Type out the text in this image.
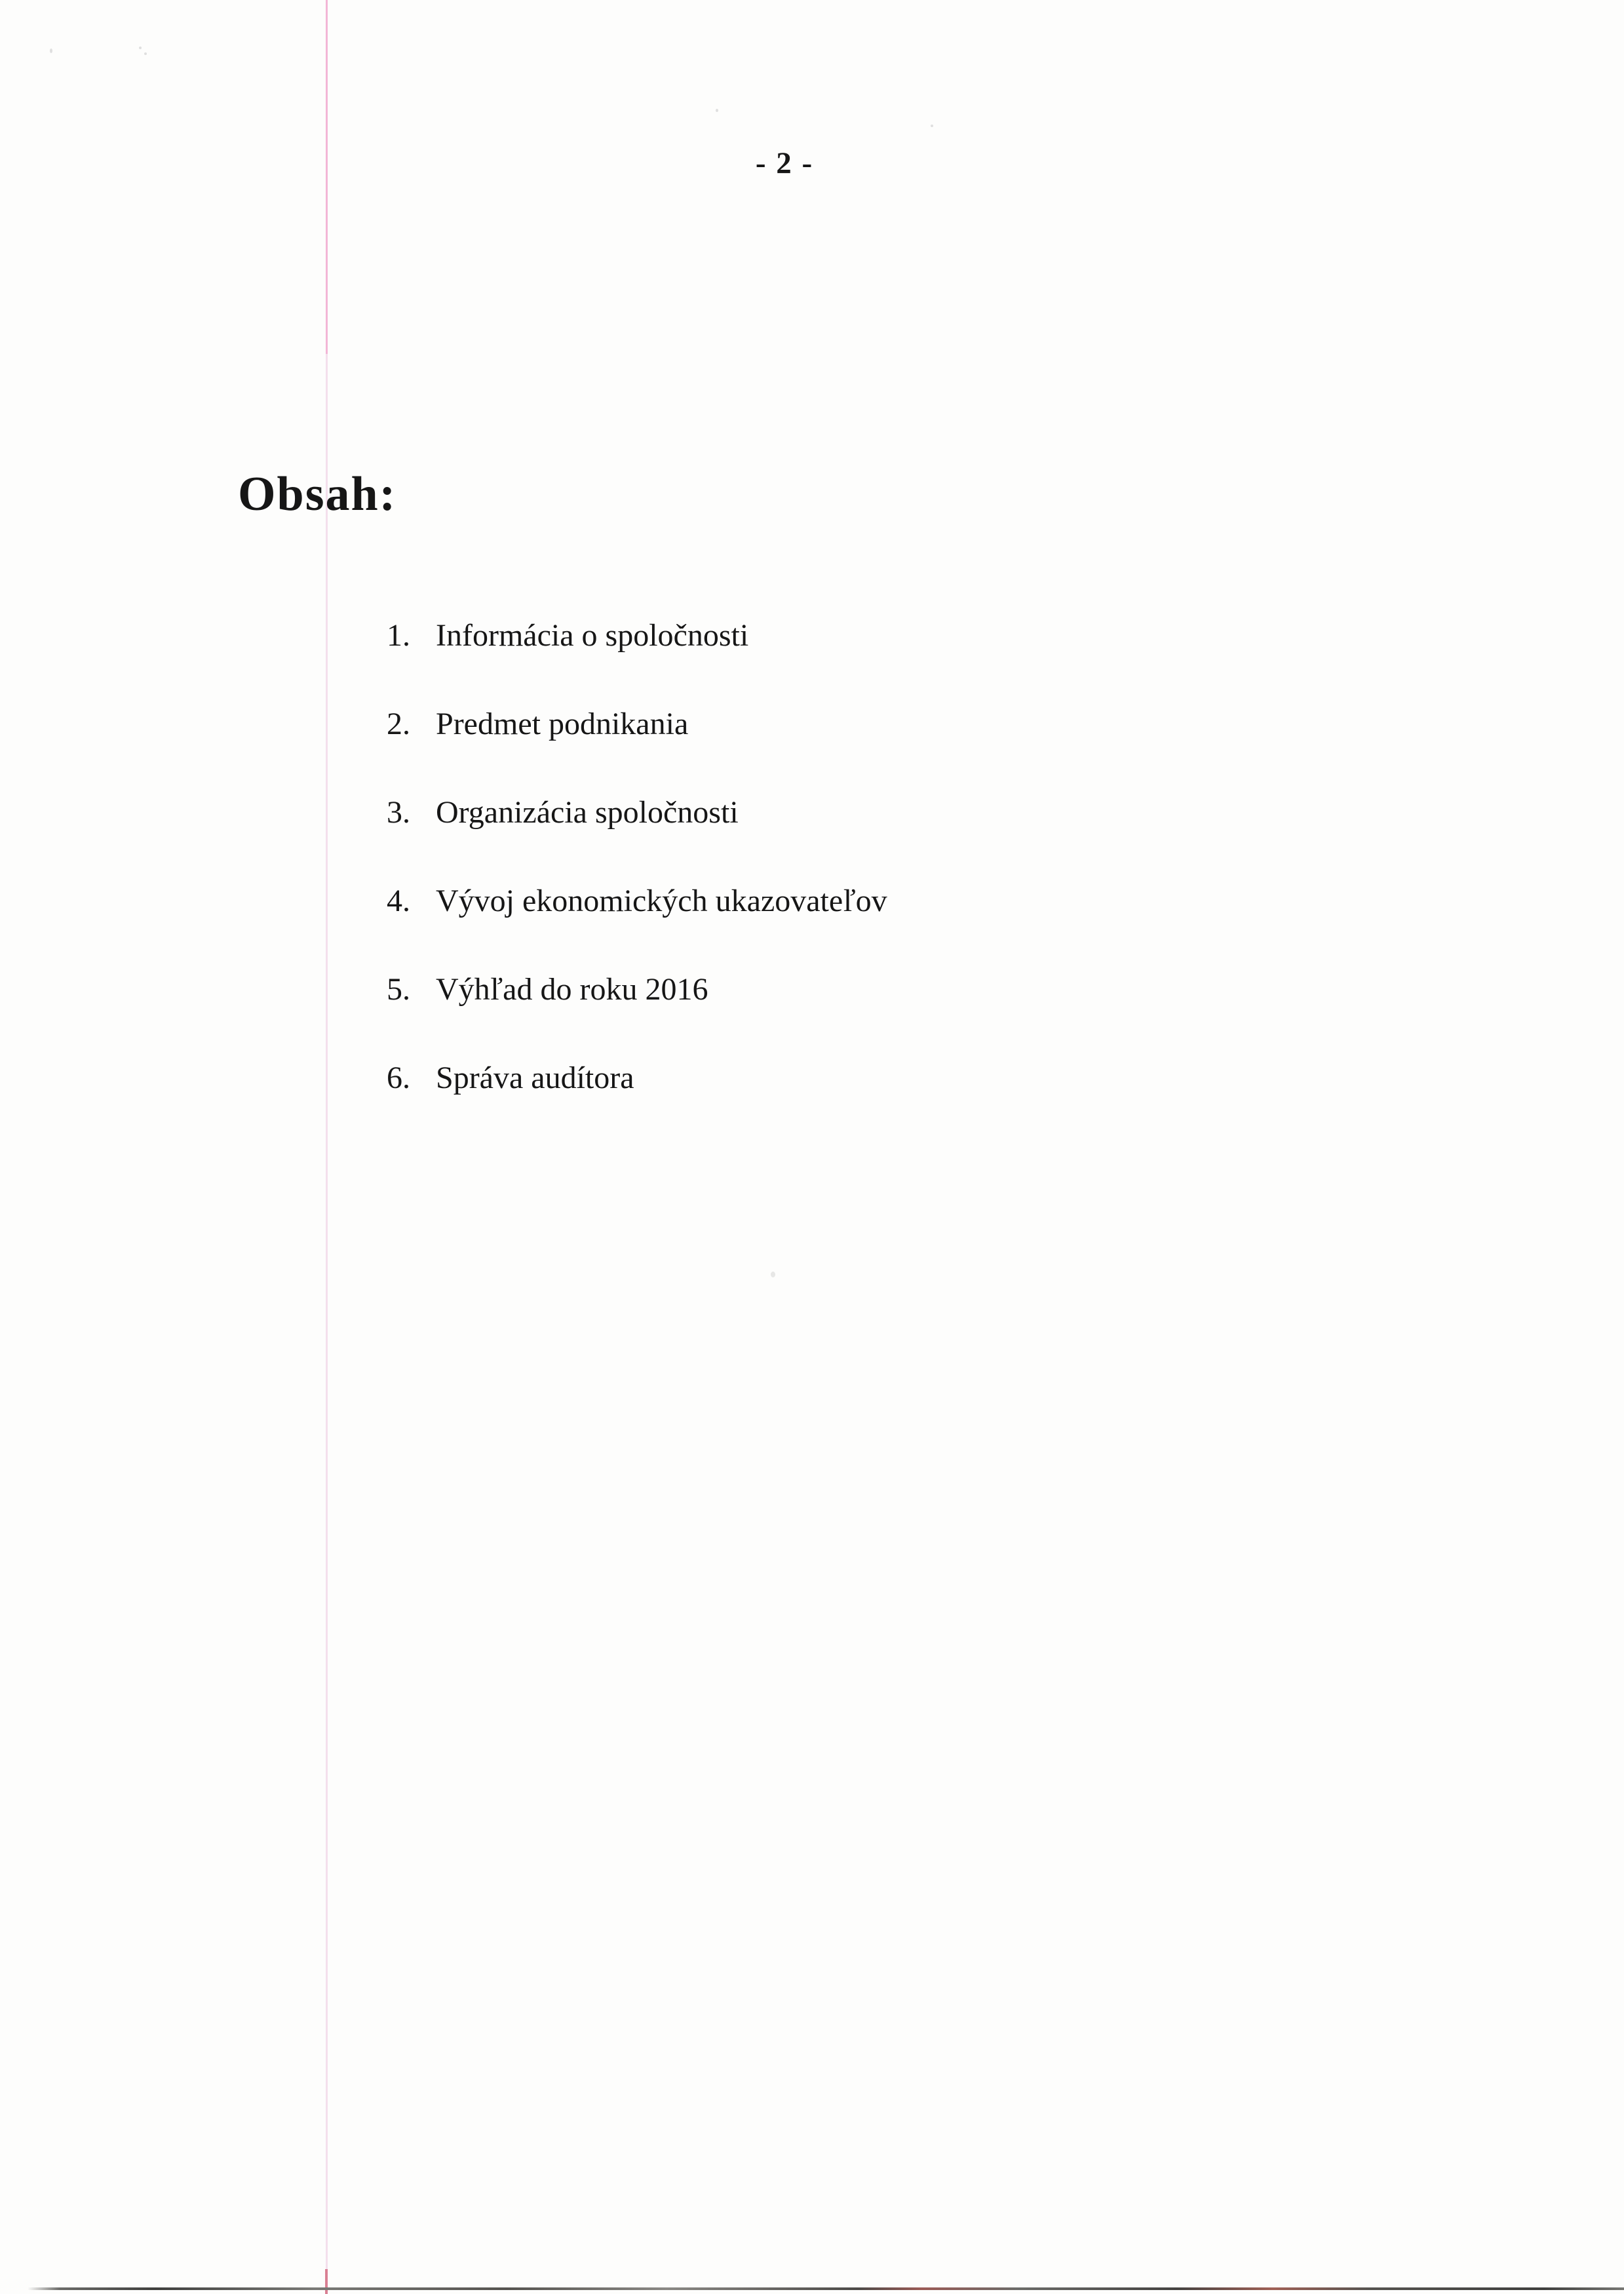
- 2 -
Obsah:
1. Informácia o spoločnosti
2. Predmet podnikania
3. Organizácia spoločnosti
4. Vývoj ekonomických ukazovateľov
5. Výhľad do roku 2016
6. Správa audítora
